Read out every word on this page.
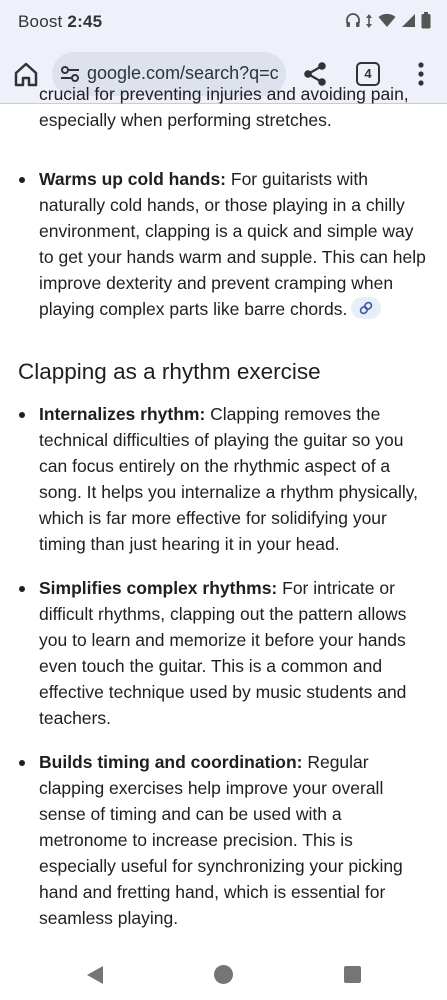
Boost 2:45
google.com/search?q=c	4
crucial for preventing injuries and avoiding pain, especially when performing stretches.
Warms up cold hands: For guitarists with naturally cold hands, or those playing in a chilly environment, clapping is a quick and simple way to get your hands warm and supple. This can help improve dexterity and prevent cramping when playing complex parts like barre chords.
Clapping as a rhythm exercise
Internalizes rhythm: Clapping removes the technical difficulties of playing the guitar so you can focus entirely on the rhythmic aspect of a song. It helps you internalize a rhythm physically, which is far more effective for solidifying your timing than just hearing it in your head.
Simplifies complex rhythms: For intricate or difficult rhythms, clapping out the pattern allows you to learn and memorize it before your hands even touch the guitar. This is a common and effective technique used by music students and teachers.
Builds timing and coordination: Regular clapping exercises help improve your overall sense of timing and can be used with a metronome to increase precision. This is especially useful for synchronizing your picking hand and fretting hand, which is essential for seamless playing.
